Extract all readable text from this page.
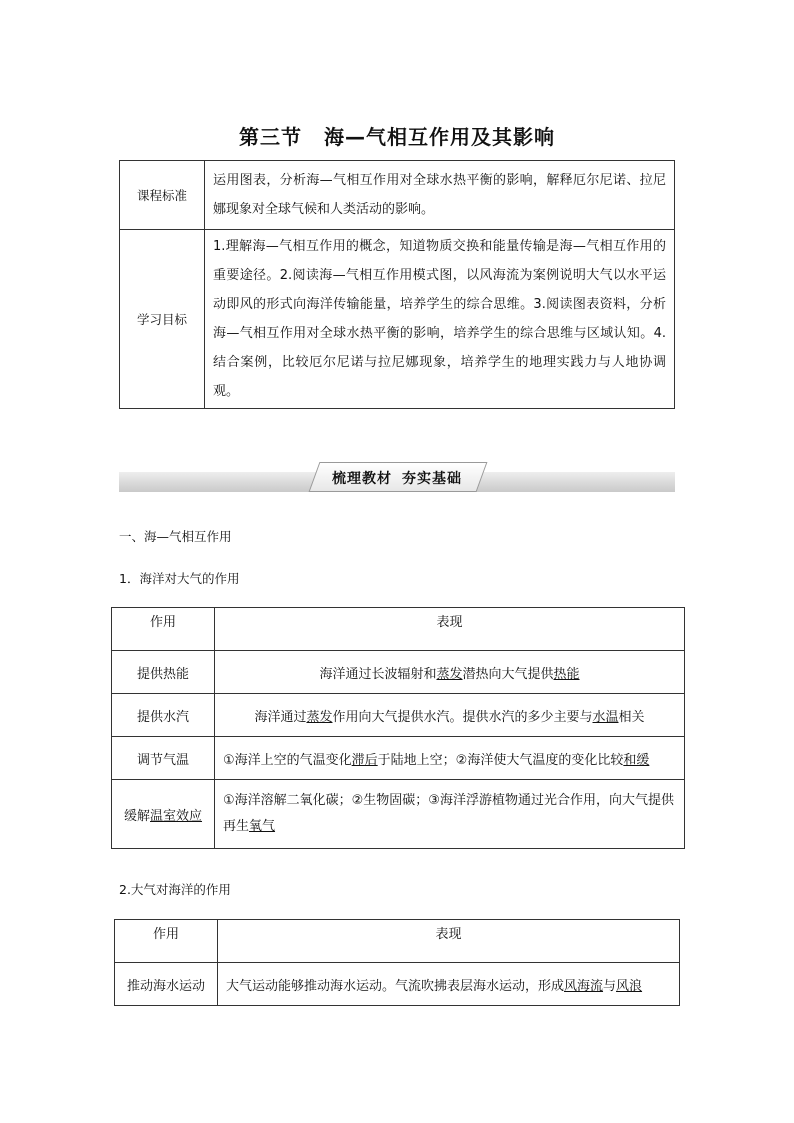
第三节 海—气相互作用及其影响
课程标准	运用图表，分析海—气相互作用对全球水热平衡的影响，解释厄尔尼诺、拉尼娜现象对全球气候和人类活动的影响。
学习目标	1.理解海—气相互作用的概念，知道物质交换和能量传输是海—气相互作用的重要途径。2.阅读海—气相互作用模式图，以风海流为案例说明大气以水平运动即风的形式向海洋传输能量，培养学生的综合思维。3.阅读图表资料，分析海—气相互作用对全球水热平衡的影响，培养学生的综合思维与区域认知。4.结合案例，比较厄尔尼诺与拉尼娜现象，培养学生的地理实践力与人地协调观。
梳理教材 夯实基础
一、海—气相互作用
1．海洋对大气的作用
作用	表现
提供热能	海洋通过长波辐射和蒸发潜热向大气提供热能
提供水汽	海洋通过蒸发作用向大气提供水汽。提供水汽的多少主要与水温相关
调节气温	①海洋上空的气温变化滞后于陆地上空；②海洋使大气温度的变化比较和缓
缓解温室效应	①海洋溶解二氧化碳；②生物固碳；③海洋浮游植物通过光合作用，向大气提供再生氧气
2.大气对海洋的作用
作用	表现
推动海水运动	大气运动能够推动海水运动。气流吹拂表层海水运动，形成风海流与风浪
